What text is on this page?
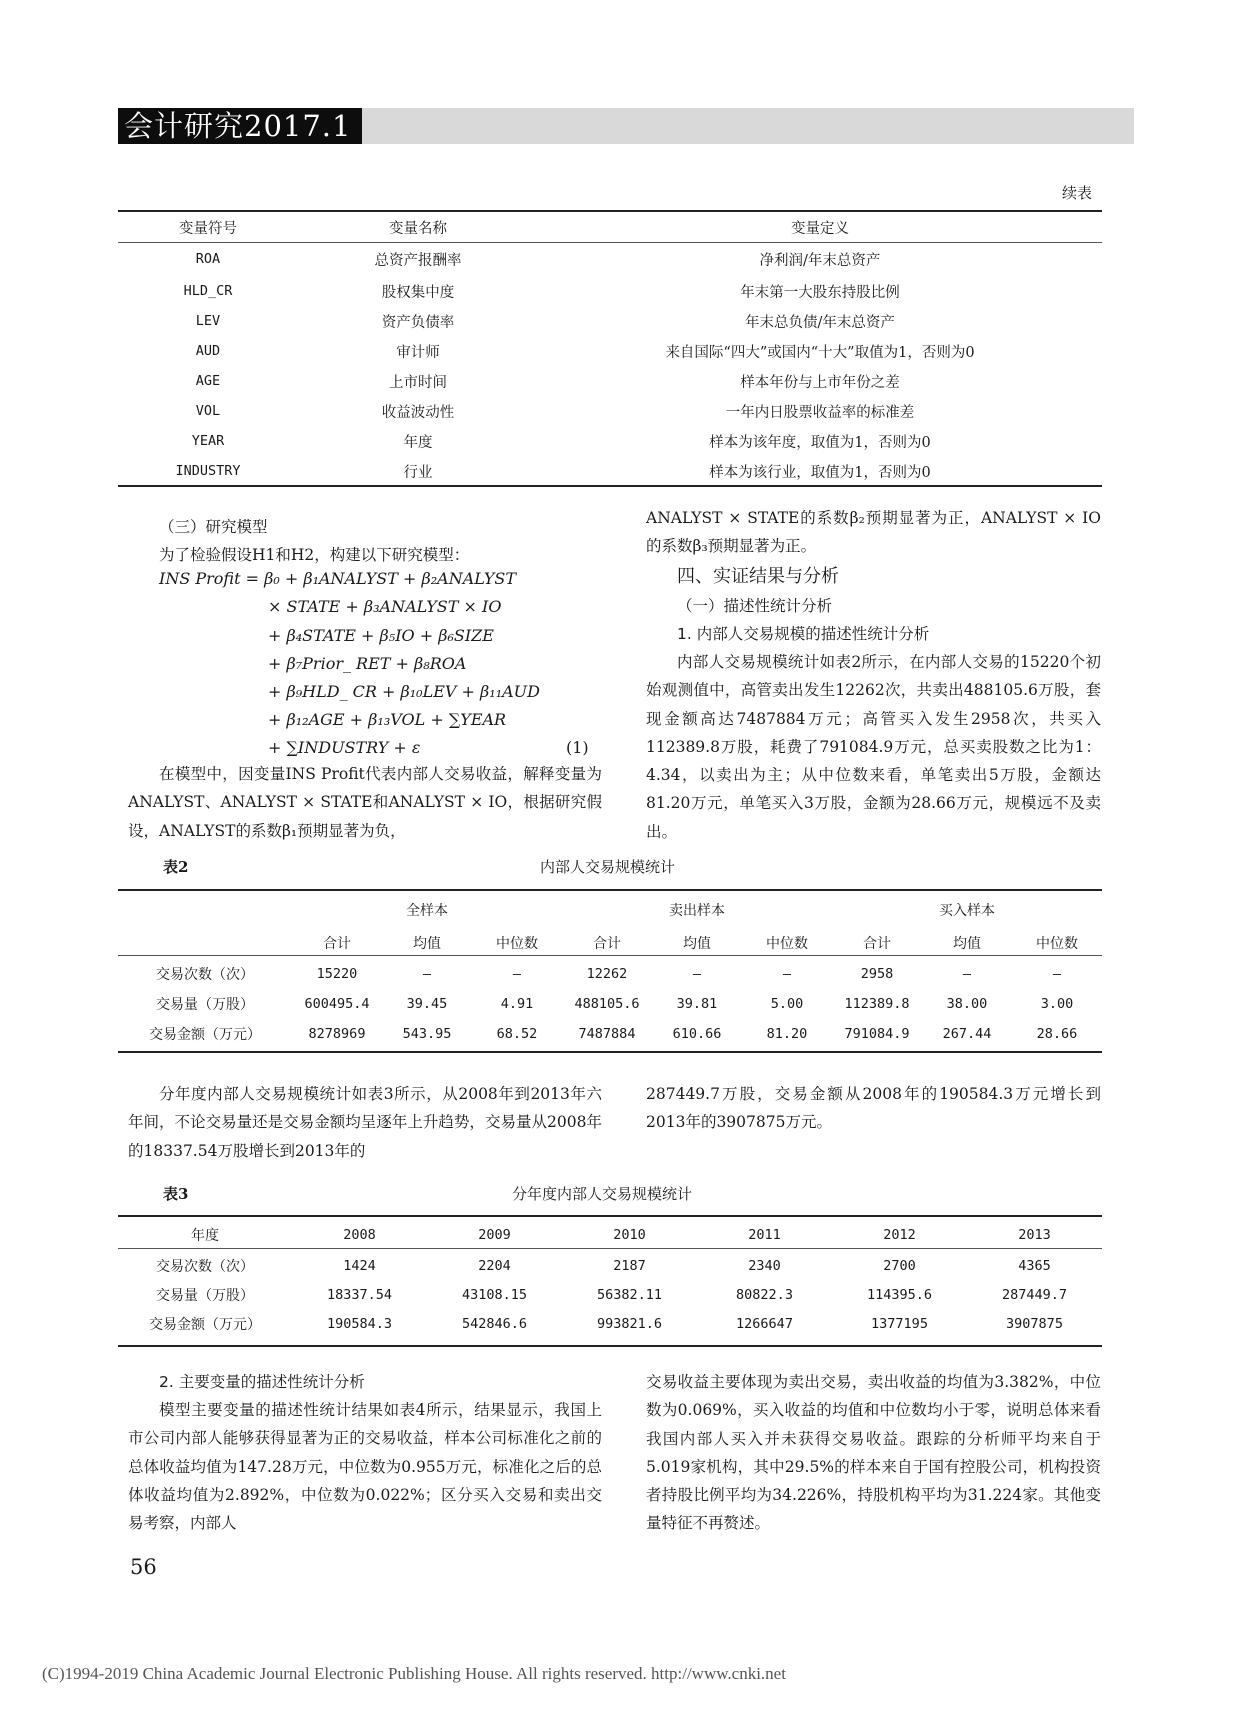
会计研究2017.1
续表
变量符号	变量名称	变量定义
ROA	总资产报酬率	净利润/年末总资产
HLD_CR	股权集中度	年末第一大股东持股比例
LEV	资产负债率	年末总负债/年末总资产
AUD	审计师	来自国际“四大”或国内“十大”取值为1，否则为0
AGE	上市时间	样本年份与上市年份之差
VOL	收益波动性	一年内日股票收益率的标准差
YEAR	年度	样本为该年度，取值为1，否则为0
INDUSTRY	行业	样本为该行业，取值为1，否则为0
（三）研究模型
为了检验假设H1和H2，构建以下研究模型：
INS Profit = β₀ + β₁ANALYST + β₂ANALYST
× STATE + β₃ANALYST × IO
+ β₄STATE + β₅IO + β₆SIZE
+ β₇Prior_ RET + β₈ROA
+ β₉HLD_ CR + β₁₀LEV + β₁₁AUD
+ β₁₂AGE + β₁₃VOL + ∑YEAR
+ ∑INDUSTRY + ε	(1)
在模型中，因变量INS Profit代表内部人交易收益，解释变量为ANALYST、ANALYST × STATE和ANALYST × IO，根据研究假设，ANALYST的系数β₁预期显著为负，
ANALYST × STATE的系数β₂预期显著为正，ANALYST × IO的系数β₃预期显著为正。
四、实证结果与分析
（一）描述性统计分析
1. 内部人交易规模的描述性统计分析
内部人交易规模统计如表2所示，在内部人交易的15220个初始观测值中，高管卖出发生12262次，共卖出488105.6万股，套现金额高达7487884万元；高管买入发生2958次，共买入112389.8万股，耗费了791084.9万元，总买卖股数之比为1：4.34，以卖出为主；从中位数来看，单笔卖出5万股，金额达81.20万元，单笔买入3万股，金额为28.66万元，规模远不及卖出。
表2	内部人交易规模统计
	全样本			卖出样本			买入样本		
	合计	均值	中位数	合计	均值	中位数	合计	均值	中位数
交易次数（次）	15220	—	—	12262	—	—	2958	—	—
交易量（万股）	600495.4	39.45	4.91	488105.6	39.81	5.00	112389.8	38.00	3.00
交易金额（万元）	8278969	543.95	68.52	7487884	610.66	81.20	791084.9	267.44	28.66
分年度内部人交易规模统计如表3所示，从2008年到2013年六年间，不论交易量还是交易金额均呈逐年上升趋势，交易量从2008年的18337.54万股增长到2013年的
287449.7万股，交易金额从2008年的190584.3万元增长到2013年的3907875万元。
表3	分年度内部人交易规模统计
年度	2008	2009	2010	2011	2012	2013
交易次数（次）	1424	2204	2187	2340	2700	4365
交易量（万股）	18337.54	43108.15	56382.11	80822.3	114395.6	287449.7
交易金额（万元）	190584.3	542846.6	993821.6	1266647	1377195	3907875
2. 主要变量的描述性统计分析
模型主要变量的描述性统计结果如表4所示，结果显示，我国上市公司内部人能够获得显著为正的交易收益，样本公司标准化之前的总体收益均值为147.28万元，中位数为0.955万元，标准化之后的总体收益均值为2.892%，中位数为0.022%；区分买入交易和卖出交易考察，内部人
交易收益主要体现为卖出交易，卖出收益的均值为3.382%，中位数为0.069%，买入收益的均值和中位数均小于零，说明总体来看我国内部人买入并未获得交易收益。跟踪的分析师平均来自于5.019家机构，其中29.5%的样本来自于国有控股公司，机构投资者持股比例平均为34.226%，持股机构平均为31.224家。其他变量特征不再赘述。
56
(C)1994-2019 China Academic Journal Electronic Publishing House. All rights reserved. http://www.cnki.net
